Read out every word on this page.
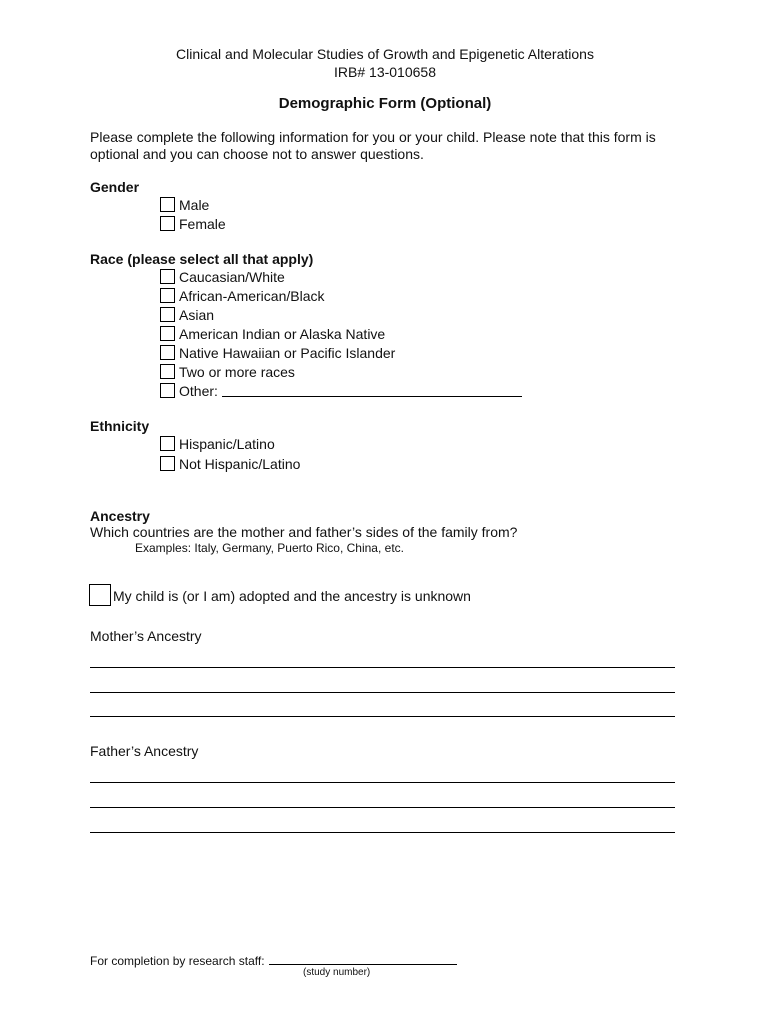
Clinical and Molecular Studies of Growth and Epigenetic Alterations
IRB# 13-010658
Demographic Form (Optional)
Please complete the following information for you or your child. Please note that this form is optional and you can choose not to answer questions.
Gender
Male
Female
Race (please select all that apply)
Caucasian/White
African-American/Black
Asian
American Indian or Alaska Native
Native Hawaiian or Pacific Islander
Two or more races
Other:
Ethnicity
Hispanic/Latino
Not Hispanic/Latino
Ancestry
Which countries are the mother and father’s sides of the family from?
Examples: Italy, Germany, Puerto Rico, China, etc.
My child is (or I am) adopted and the ancestry is unknown
Mother’s Ancestry
Father’s Ancestry
For completion by research staff:
(study number)
